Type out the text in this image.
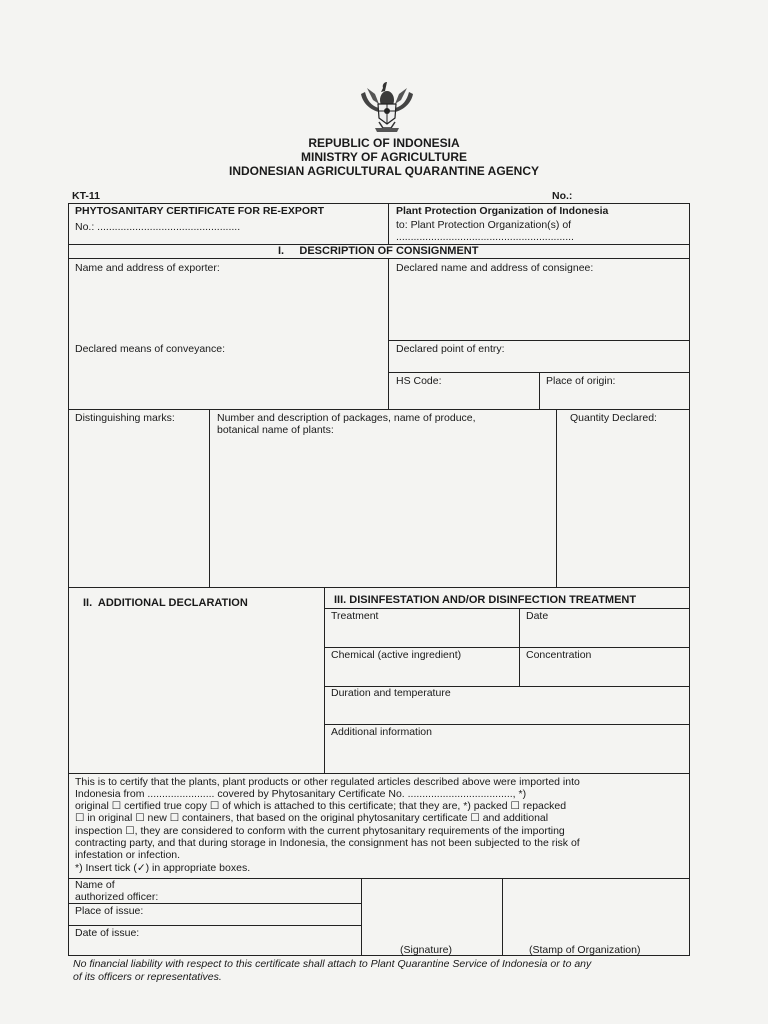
REPUBLIC OF INDONESIA
MINISTRY OF AGRICULTURE
INDONESIAN AGRICULTURAL QUARANTINE AGENCY
KT-11	No.:
PHYTOSANITARY CERTIFICATE FOR RE-EXPORT
No.: .................................................
Plant Protection Organization of Indonesia
to: Plant Protection Organization(s) of
.............................................................
I.     DESCRIPTION OF CONSIGNMENT
Name and address of exporter:	Declared name and address of consignee:
Declared means of conveyance:	Declared point of entry:
HS Code:	Place of origin:
Distinguishing marks:	Number and description of packages, name of produce,
botanical name of plants:
Quantity Declared:
II.  ADDITIONAL DECLARATION	III. DISINFESTATION AND/OR DISINFECTION TREATMENT
Treatment	Date
Chemical (active ingredient)	Concentration
Duration and temperature
Additional information
This is to certify that the plants, plant products or other regulated articles described above were imported into
Indonesia from ....................... covered by Phytosanitary Certificate No. ...................................., *)
original ☐ certified true copy ☐ of which is attached to this certificate; that they are, *) packed ☐ repacked
☐ in original ☐ new ☐ containers, that based on the original phytosanitary certificate ☐ and additional
inspection ☐, they are considered to conform with the current phytosanitary requirements of the importing
contracting party, and that during storage in Indonesia, the consignment has not been subjected to the risk of
infestation or infection.
*) Insert tick (✓) in appropriate boxes.
Name of
authorized officer:
Place of issue:
Date of issue:
(Signature)	(Stamp of Organization)
No financial liability with respect to this certificate shall attach to Plant Quarantine Service of Indonesia or to any
of its officers or representatives.
